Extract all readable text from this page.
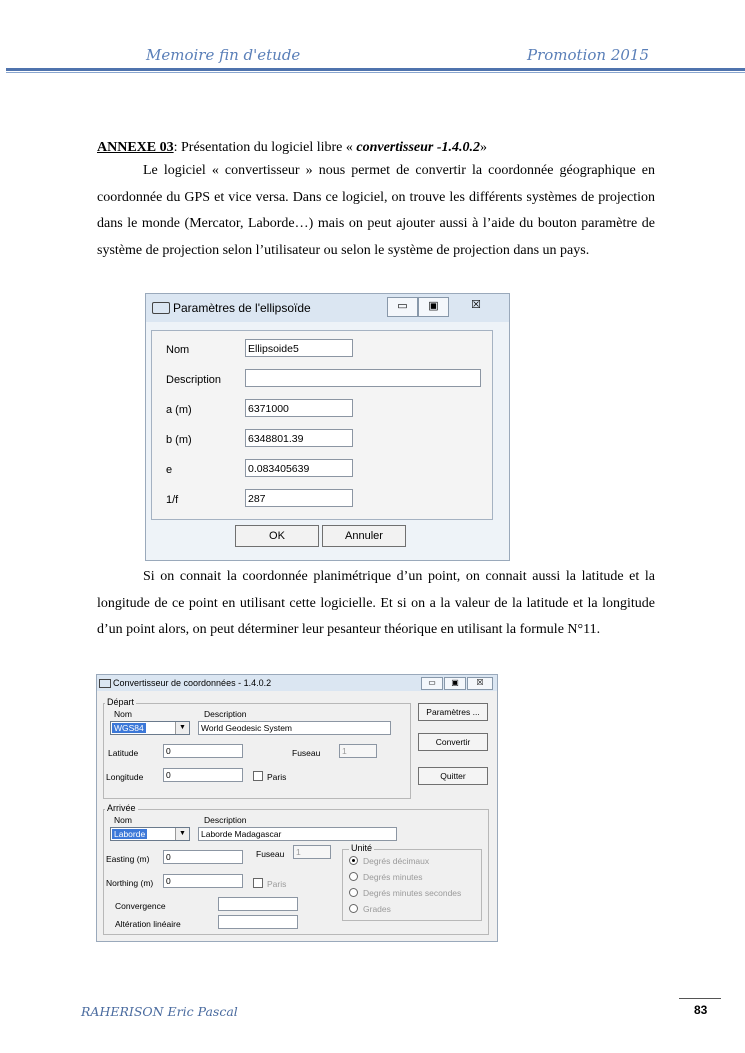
Memoire fin d'etude	Promotion 2015
ANNEXE 03: Présentation du logiciel libre « convertisseur -1.4.0.2»
Le logiciel « convertisseur » nous permet de convertir la coordonnée géographique en coordonnée du GPS et vice versa. Dans ce logiciel, on trouve les différents systèmes de projection dans le monde (Mercator, Laborde…) mais on peut ajouter aussi à l’aide du bouton paramètre de système de projection selon l’utilisateur ou selon le système de projection dans un pays.
Paramètres de l'ellipsoïde	▭	▣	☒
Nom	Ellipsoide5
Description
a (m)	6371000
b (m)	6348801.39
e	0.083405639
1/f	287
OK	Annuler
Si on connait la coordonnée planimétrique d’un point, on connait aussi la latitude et la longitude de ce point en utilisant cette logicielle. Et si on a la valeur de la latitude et la longitude d’un point alors, on peut déterminer leur pesanteur théorique en utilisant la formule N°11.
Convertisseur de coordonnées - 1.4.0.2	▭	▣	☒
Départ
Nom	Description
WGS84	▼	World Geodesic System
Latitude	0	Fuseau	1
Longitude	0	Paris
Paramètres ...
Convertir
Quitter
Arrivée
Nom	Description
Laborde	▼	Laborde Madagascar
Easting (m)	0	Fuseau	1
Northing (m)	0	Paris
Convergence
Altération linéaire
Unité
Degrés décimaux
Degrés minutes
Degrés minutes secondes
Grades
RAHERISON Eric Pascal	83
